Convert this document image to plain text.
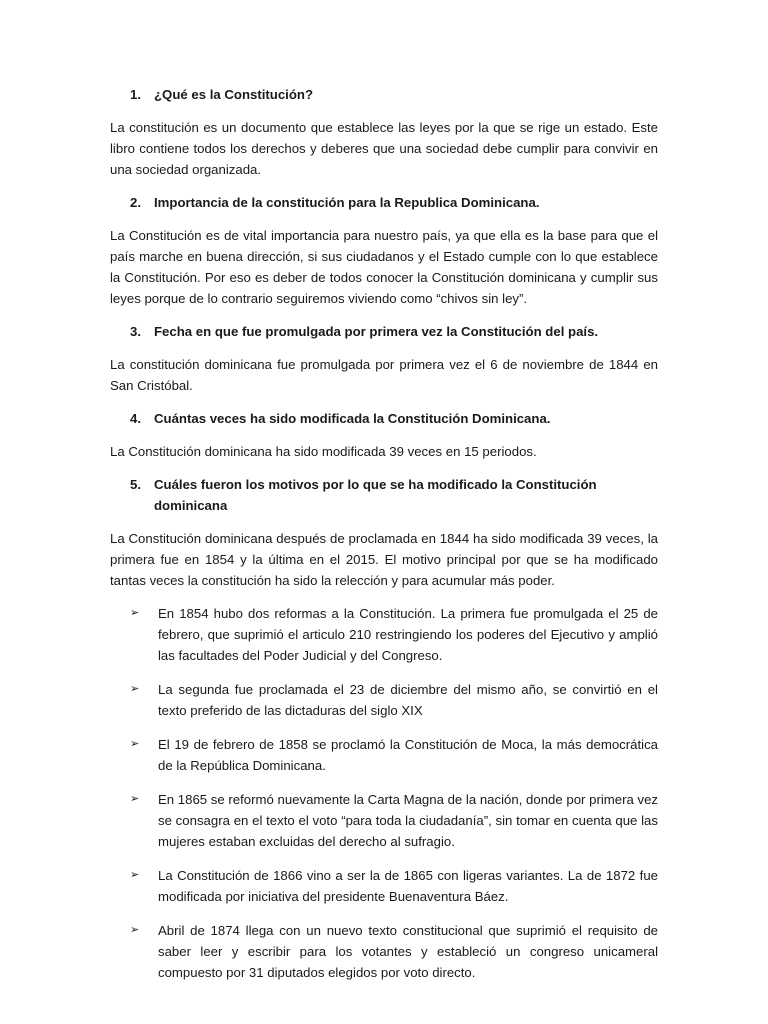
1. ¿Qué es la Constitución?

La constitución es un documento que establece las leyes por la que se rige un estado. Este libro contiene todos los derechos y deberes que una sociedad debe cumplir para convivir en una sociedad organizada.

2. Importancia de la constitución para la Republica Dominicana.

La Constitución es de vital importancia para nuestro país, ya que ella es la base para que el país marche en buena dirección, si sus ciudadanos y el Estado cumple con lo que establece la Constitución. Por eso es deber de todos conocer la Constitución dominicana y cumplir sus leyes porque de lo contrario seguiremos viviendo como “chivos sin ley”.

3. Fecha en que fue promulgada por primera vez la Constitución del país.

La constitución dominicana fue promulgada por primera vez el 6 de noviembre de 1844 en San Cristóbal.

4. Cuántas veces ha sido modificada la Constitución Dominicana.

La Constitución dominicana ha sido modificada 39 veces en 15 periodos.

5. Cuáles fueron los motivos por lo que se ha modificado la Constitución dominicana

La Constitución dominicana después de proclamada en 1844 ha sido modificada 39 veces, la primera fue en 1854 y la última en el 2015. El motivo principal por que se ha modificado tantas veces la constitución ha sido la relección y para acumular más poder.

➢	En 1854 hubo dos reformas a la Constitución. La primera fue promulgada el 25 de febrero, que suprimió el articulo 210 restringiendo los poderes del Ejecutivo y amplió las facultades del Poder Judicial y del Congreso.
➢	La segunda fue proclamada el 23 de diciembre del mismo año, se convirtió en el texto preferido de las dictaduras del siglo XIX
➢	El 19 de febrero de 1858 se proclamó la Constitución de Moca, la más democrática de la República Dominicana.
➢	En 1865 se reformó nuevamente la Carta Magna de la nación, donde por primera vez se consagra en el texto el voto “para toda la ciudadanía”, sin tomar en cuenta que las mujeres estaban excluidas del derecho al sufragio.
➢	La Constitución de 1866 vino a ser la de 1865 con ligeras variantes. La de 1872 fue modificada por iniciativa del presidente Buenaventura Báez.
➢	Abril de 1874 llega con un nuevo texto constitucional que suprimió el requisito de saber leer y escribir para los votantes y estableció un congreso unicameral compuesto por 31 diputados elegidos por voto directo.
